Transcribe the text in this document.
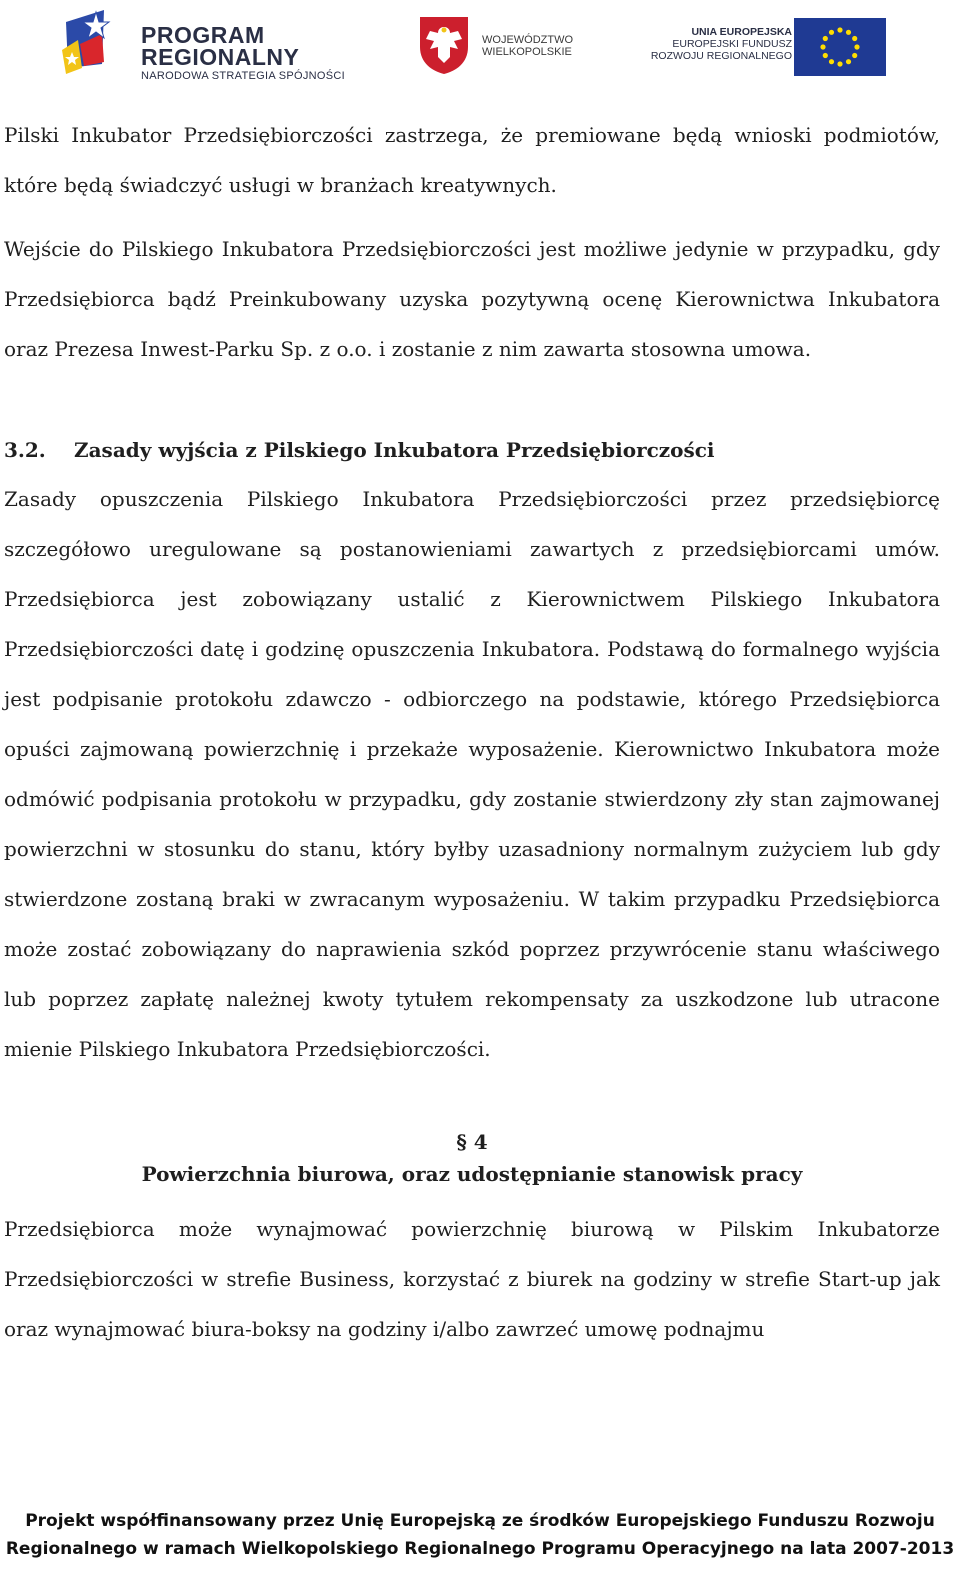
PROGRAM
REGIONALNY
NARODOWA STRATEGIA SPÓJNOŚCI
WOJEWÓDZTWO
WIELKOPOLSKIE
UNIA EUROPEJSKA
EUROPEJSKI FUNDUSZ
ROZWOJU REGIONALNEGO

Pilski Inkubator Przedsiębiorczości zastrzega, że premiowane będą wnioski podmiotów, które będą świadczyć usługi w branżach kreatywnych.

Wejście do Pilskiego Inkubatora Przedsiębiorczości jest możliwe jedynie w przypadku, gdy Przedsiębiorca bądź Preinkubowany uzyska pozytywną ocenę Kierownictwa Inkubatora oraz Prezesa Inwest-Parku Sp. z o.o. i zostanie z nim zawarta stosowna umowa.

3.2. Zasady wyjścia z Pilskiego Inkubatora Przedsiębiorczości

Zasady opuszczenia Pilskiego Inkubatora Przedsiębiorczości przez przedsiębiorcę szczegółowo uregulowane są postanowieniami zawartych z przedsiębiorcami umów. Przedsiębiorca jest zobowiązany ustalić z Kierownictwem Pilskiego Inkubatora Przedsiębiorczości datę i godzinę opuszczenia Inkubatora. Podstawą do formalnego wyjścia jest podpisanie protokołu zdawczo - odbiorczego na podstawie, którego Przedsiębiorca opuści zajmowaną powierzchnię i przekaże wyposażenie. Kierownictwo Inkubatora może odmówić podpisania protokołu w przypadku, gdy zostanie stwierdzony zły stan zajmowanej powierzchni w stosunku do stanu, który byłby uzasadniony normalnym zużyciem lub gdy stwierdzone zostaną braki w zwracanym wyposażeniu. W takim przypadku Przedsiębiorca może zostać zobowiązany do naprawienia szkód poprzez przywrócenie stanu właściwego lub poprzez zapłatę należnej kwoty tytułem rekompensaty za uszkodzone lub utracone mienie Pilskiego Inkubatora Przedsiębiorczości.

§ 4
Powierzchnia biurowa, oraz udostępnianie stanowisk pracy

Przedsiębiorca może wynajmować powierzchnię biurową w Pilskim Inkubatorze Przedsiębiorczości w strefie Business, korzystać z biurek na godziny w strefie Start-up jak oraz wynajmować biura-boksy na godziny i/albo zawrzeć umowę podnajmu

Projekt współfinansowany przez Unię Europejską ze środków Europejskiego Funduszu Rozwoju
Regionalnego w ramach Wielkopolskiego Regionalnego Programu Operacyjnego na lata 2007-2013
